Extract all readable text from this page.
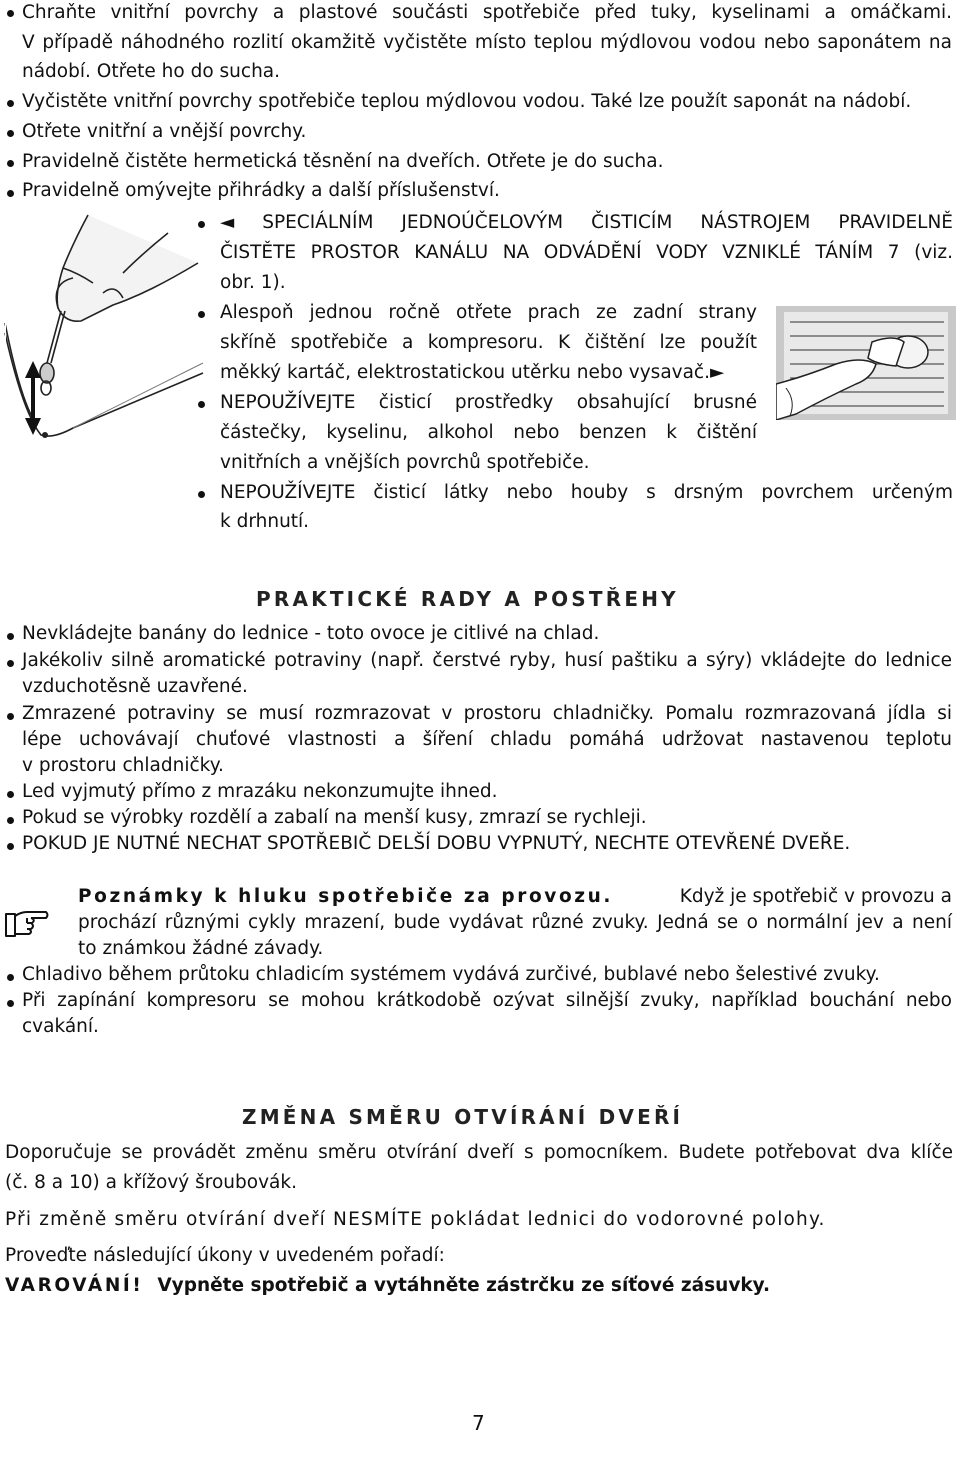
Chraňte vnitřní povrchy a plastové součásti spotřebiče před tuky, kyselinami a omáčkami.
V případě náhodného rozlití okamžitě vyčistěte místo teplou mýdlovou vodou nebo saponátem na
nádobí. Otřete ho do sucha.
Vyčistěte vnitřní povrchy spotřebiče teplou mýdlovou vodou. Také lze použít saponát na nádobí.
Otřete vnitřní a vnější povrchy.
Pravidelně čistěte hermetická těsnění na dveřích. Otřete je do sucha.
Pravidelně omývejte přihrádky a další příslušenství.
◄ SPECIÁLNÍM JEDNOÚČELOVÝM ČISTICÍM NÁSTROJEM PRAVIDELNĚ
ČISTĚTE PROSTOR KANÁLU NA ODVÁDĚNÍ VODY VZNIKLÉ TÁNÍM 7 (viz.
obr. 1).
Alespoň jednou ročně otřete prach ze zadní strany
skříně spotřebiče a kompresoru. K čištění lze použít
měkký kartáč, elektrostatickou utěrku nebo vysavač.►
NEPOUŽÍVEJTE čisticí prostředky obsahující brusné
částečky, kyselinu, alkohol nebo benzen k čištění
vnitřních a vnějších povrchů spotřebiče.
NEPOUŽÍVEJTE čisticí látky nebo houby s drsným povrchem určeným
k drhnutí.
PRAKTICKÉ RADY A POSTŘEHY
Nevkládejte banány do lednice - toto ovoce je citlivé na chlad.
Jakékoliv silně aromatické potraviny (např. čerstvé ryby, husí paštiku a sýry) vkládejte do lednice
vzduchotěsně uzavřené.
Zmrazené potraviny se musí rozmrazovat v prostoru chladničky. Pomalu rozmrazovaná jídla si
lépe uchovávají chuťové vlastnosti a šíření chladu pomáhá udržovat nastavenou teplotu
v prostoru chladničky.
Led vyjmutý přímo z mrazáku nekonzumujte ihned.
Pokud se výrobky rozdělí a zabalí na menší kusy, zmrazí se rychleji.
POKUD JE NUTNÉ NECHAT SPOTŘEBIČ DELŠÍ DOBU VYPNUTÝ, NECHTE OTEVŘENÉ DVEŘE.
Poznámky k hluku spotřebiče za provozu.	Když je spotřebič v provozu a
prochází různými cykly mrazení, bude vydávat různé zvuky. Jedná se o normální jev a není
to známkou žádné závady.
Chladivo během průtoku chladicím systémem vydává zurčivé, bublavé nebo šelestivé zvuky.
Při zapínání kompresoru se mohou krátkodobě ozývat silnější zvuky, například bouchání nebo
cvakání.
ZMĚNA SMĚRU OTVÍRÁNÍ DVEŘÍ
Doporučuje se provádět změnu směru otvírání dveří s pomocníkem. Budete potřebovat dva klíče
(č. 8 a 10) a křížový šroubovák.
Při změně směru otvírání dveří NESMÍTE pokládat lednici do vodorovné polohy.
Proveďte následující úkony v uvedeném pořadí:
VAROVÁNÍ! Vypněte spotřebič a vytáhněte zástrčku ze síťové zásuvky.
7
